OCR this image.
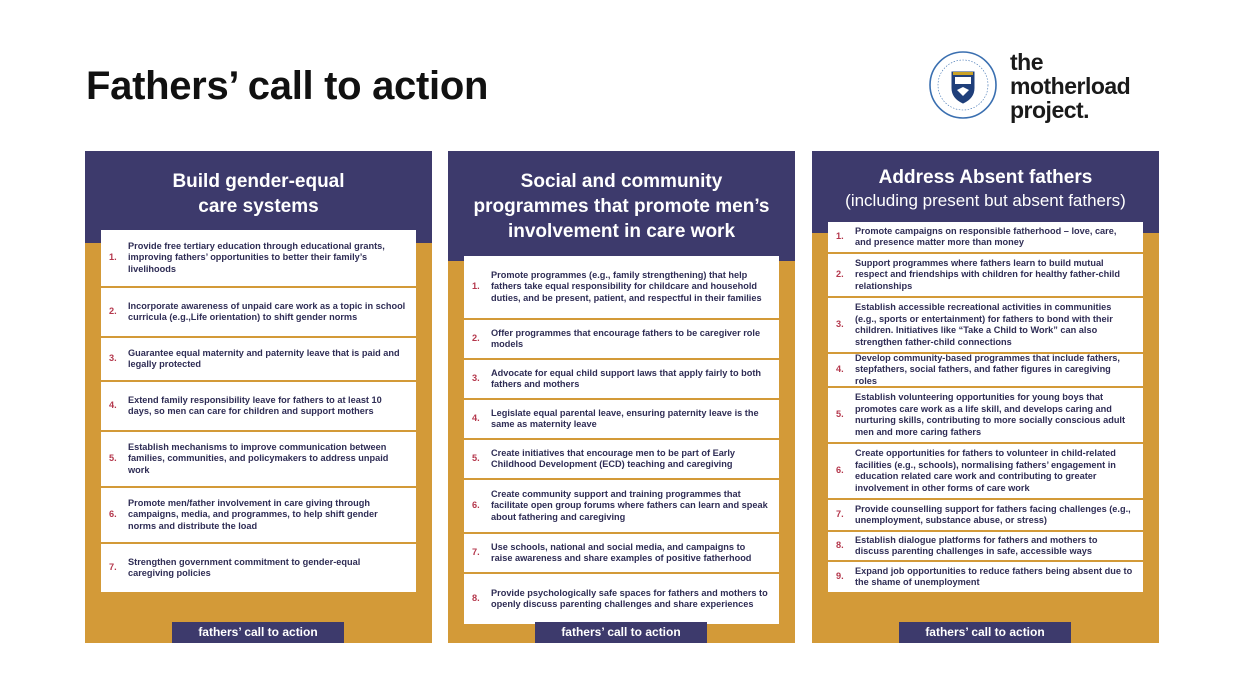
Fathers’ call to action
the
motherload
project.

Build gender-equal care systems

1.
Provide free tertiary education through educational grants, improving fathers’ opportunities to better their family’s livelihoods
2.
Incorporate awareness of unpaid care work as a topic in school curricula (e.g.,Life orientation) to shift gender norms
3.
Guarantee equal maternity and paternity leave that is paid and legally protected
4.
Extend family responsibility leave for fathers to at least 10 days, so men can care for children and support mothers
5.
Establish mechanisms to improve communication between families, communities, and policymakers to address unpaid work
6.
Promote men/father involvement in care giving through campaigns, media, and programmes, to help shift gender norms and distribute the load
7.
Strengthen government commitment to gender-equal caregiving policies
fathers’ call to action

Social and community programmes that promote men’s involvement in care work

1.
Promote programmes (e.g., family strengthening) that help fathers take equal responsibility for childcare and household duties, and be present, patient, and respectful in their families
2.
Offer programmes that encourage fathers to be caregiver role models
3.
Advocate for equal child support laws that apply fairly to both fathers and mothers
4.
Legislate equal parental leave, ensuring paternity leave is the same as maternity leave
5.
Create initiatives that encourage men to be part of Early Childhood Development (ECD) teaching and caregiving
6.
Create community support and training programmes that facilitate open group forums where fathers can learn and speak about fathering and caregiving
7.
Use schools, national and social media, and campaigns to raise awareness and share examples of positive fatherhood
8.
Provide psychologically safe spaces for fathers and mothers to openly discuss parenting challenges and share experiences
fathers’ call to action

Address Absent fathers

(including present but absent fathers)

1.
Promote campaigns on responsible fatherhood – love, care, and presence matter more than money
2.
Support programmes where fathers learn to build mutual respect and friendships with children for healthy father-child relationships
3.
Establish accessible recreational activities in communities (e.g., sports or entertainment) for fathers to bond with their children. Initiatives like “Take a Child to Work” can also strengthen father-child connections
4.
Develop community-based programmes that include fathers, stepfathers, social fathers, and father figures in caregiving roles
5.
Establish volunteering opportunities for young boys that promotes care work as a life skill, and develops caring and nurturing skills, contributing to more socially conscious adult men and more caring fathers
6.
Create opportunities for fathers to volunteer in child-related facilities (e.g., schools), normalising fathers’ engagement in education related care work and contributing to greater involvement in other forms of care work
7.
Provide counselling support for fathers facing challenges (e.g., unemployment, substance abuse, or stress)
8.
Establish dialogue platforms for fathers and mothers to discuss parenting challenges in safe, accessible ways
9.
Expand job opportunities to reduce fathers being absent due to the shame of unemployment
fathers’ call to action
